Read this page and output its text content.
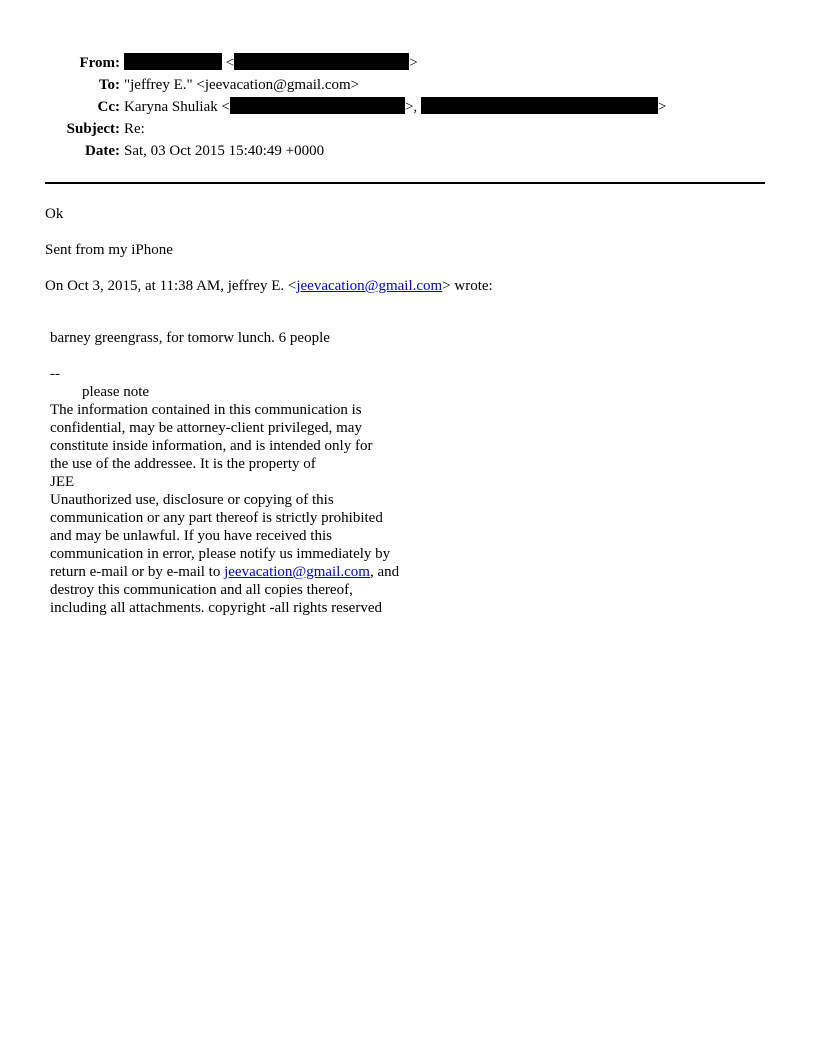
From:	<	>
To: "jeffrey E." <jeevacation@gmail.com>
Cc: Karyna Shuliak <	>,	>
Subject: Re:
Date: Sat, 03 Oct 2015 15:40:49 +0000
Ok
Sent from my iPhone
On Oct 3, 2015, at 11:38 AM, jeffrey E. <jeevacation@gmail.com> wrote:
barney greengrass, for tomorw lunch. 6 people
--
please note
The information contained in this communication is
confidential, may be attorney-client privileged, may
constitute inside information, and is intended only for
the use of the addressee. It is the property of
JEE
Unauthorized use, disclosure or copying of this
communication or any part thereof is strictly prohibited
and may be unlawful. If you have received this
communication in error, please notify us immediately by
return e-mail or by e-mail to jeevacation@gmail.com, and
destroy this communication and all copies thereof,
including all attachments. copyright -all rights reserved
